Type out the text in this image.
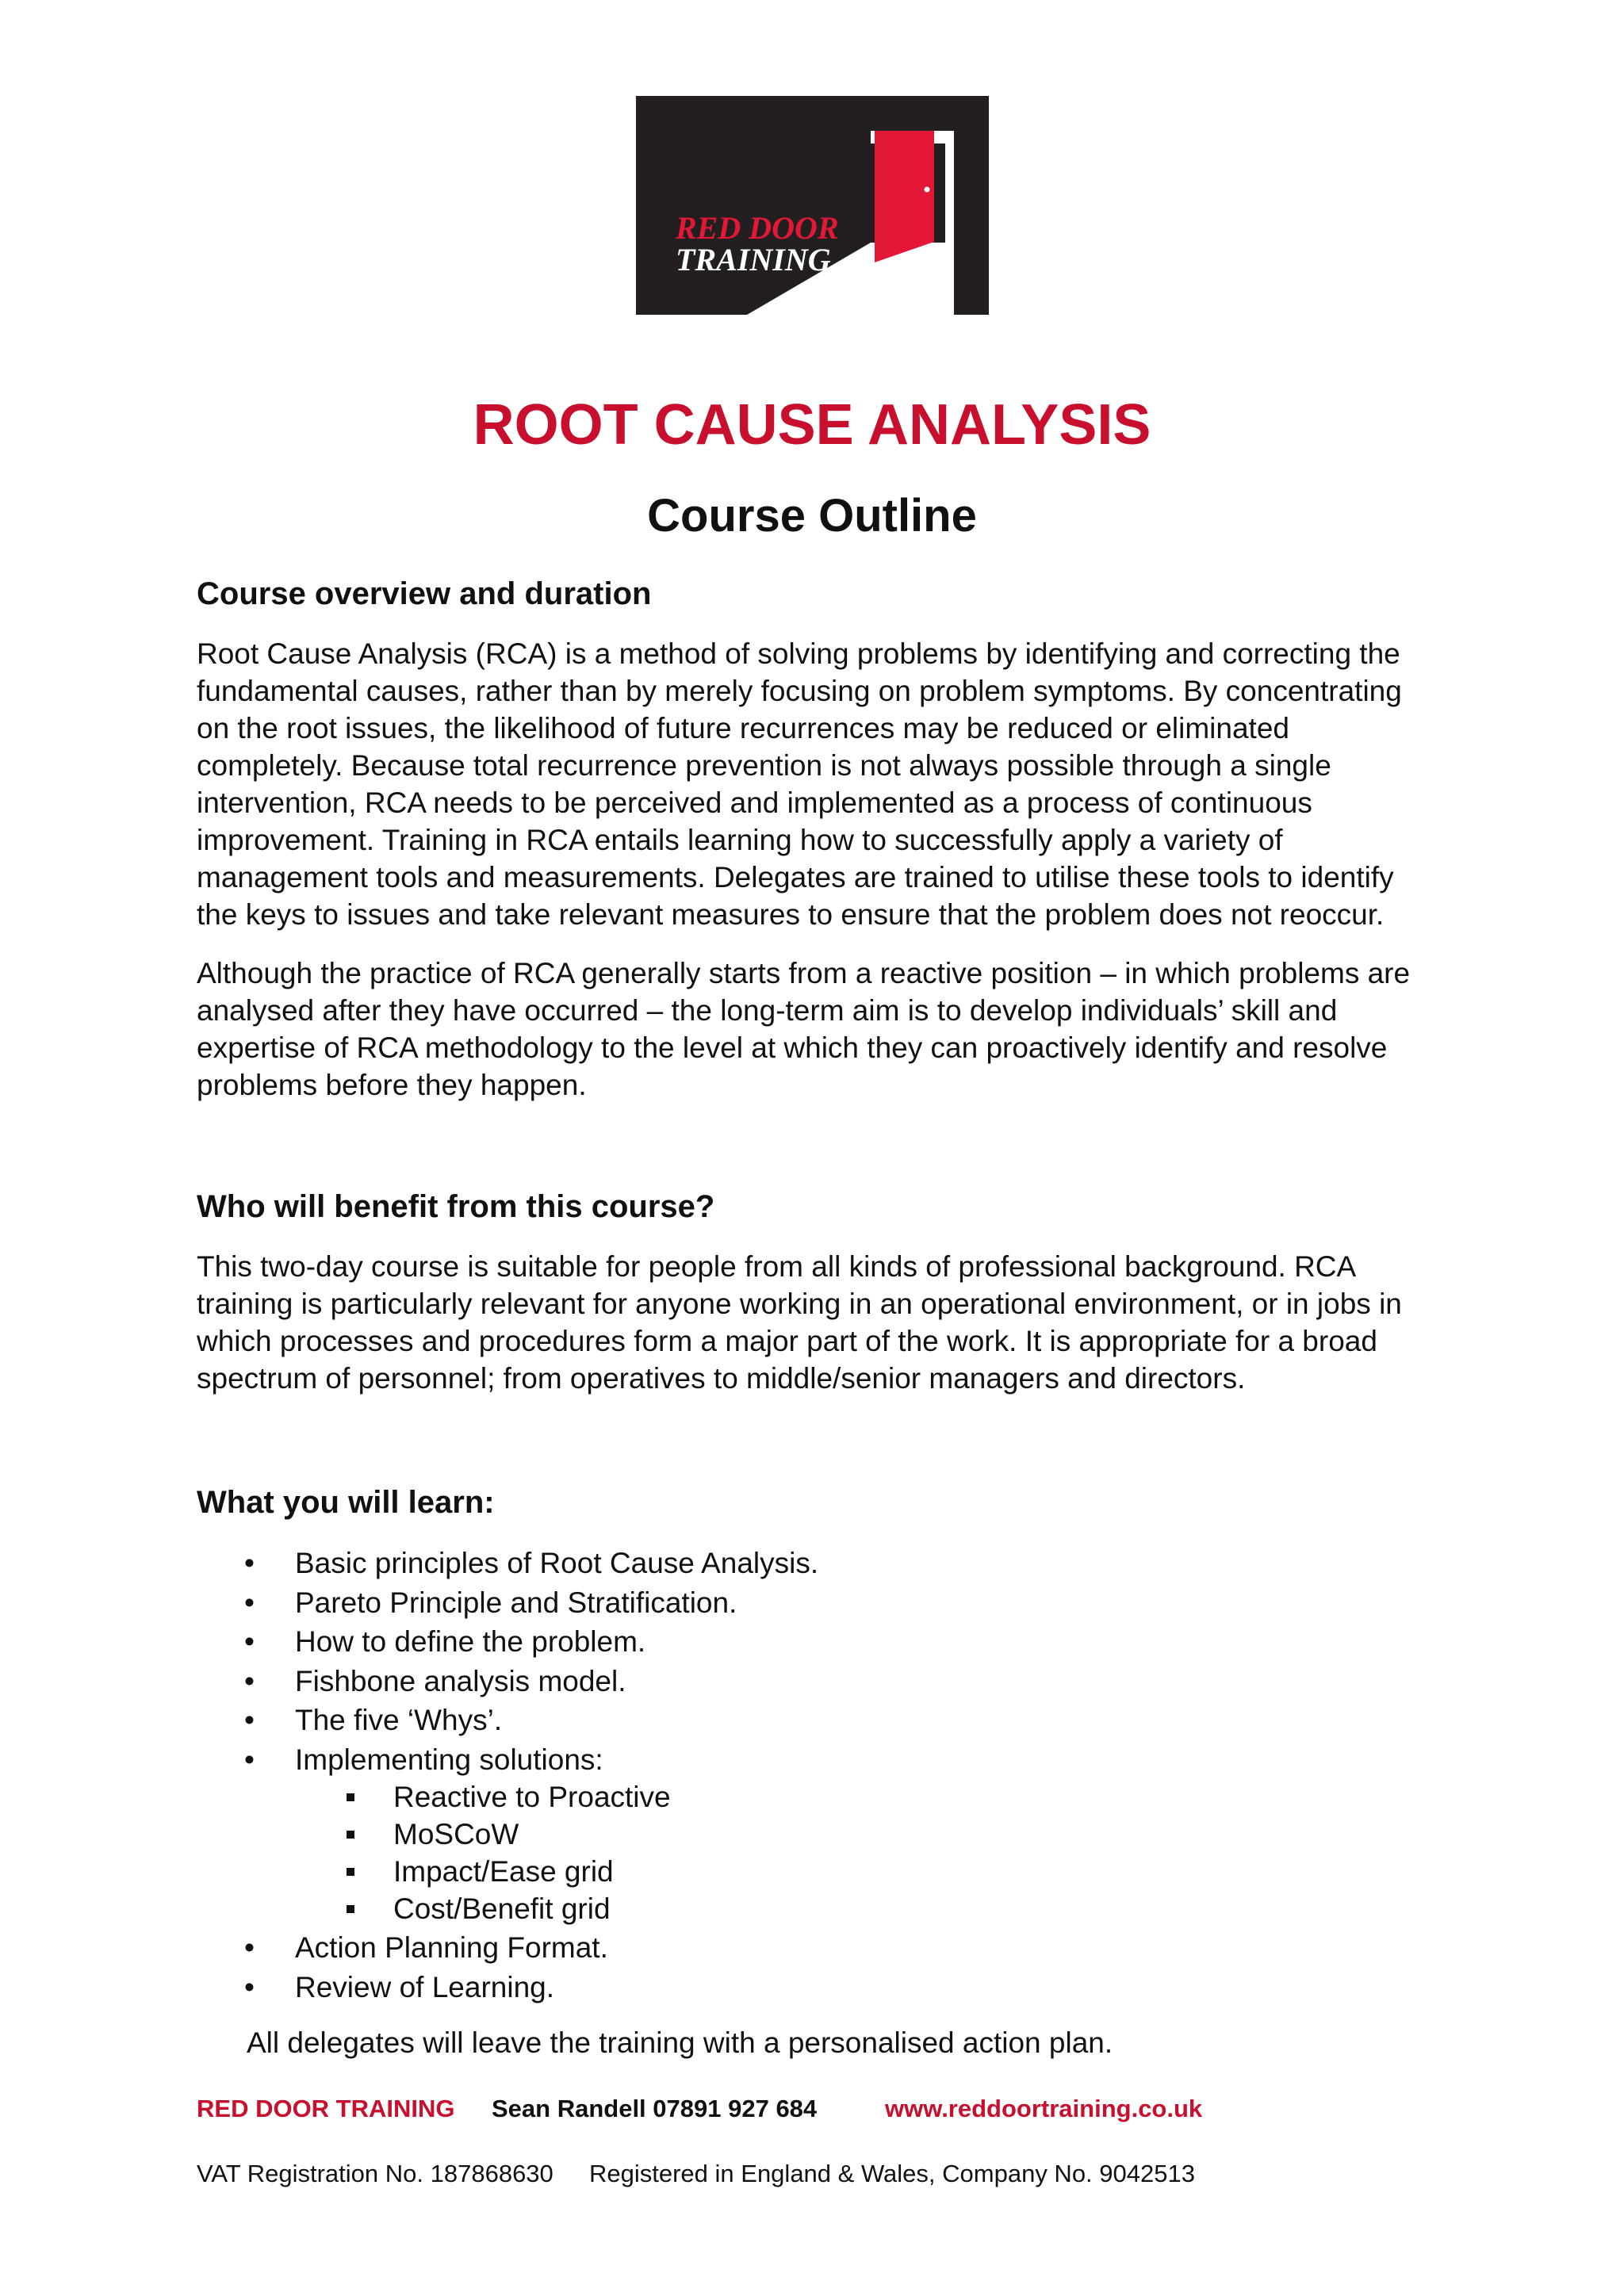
RED DOOR
TRAINING
ROOT CAUSE ANALYSIS
Course Outline
Course overview and duration

Root Cause Analysis (RCA) is a method of solving problems by identifying and correcting the fundamental causes, rather than by merely focusing on problem symptoms. By concentrating on the root issues, the likelihood of future recurrences may be reduced or eliminated completely. Because total recurrence prevention is not always possible through a single intervention, RCA needs to be perceived and implemented as a process of continuous improvement. Training in RCA entails learning how to successfully apply a variety of management tools and measurements. Delegates are trained to utilise these tools to identify the keys to issues and take relevant measures to ensure that the problem does not reoccur.

Although the practice of RCA generally starts from a reactive position – in which problems are analysed after they have occurred – the long-term aim is to develop individuals’ skill and expertise of RCA methodology to the level at which they can proactively identify and resolve problems before they happen.

Who will benefit from this course?

This two-day course is suitable for people from all kinds of professional background. RCA training is particularly relevant for anyone working in an operational environment, or in jobs in which processes and procedures form a major part of the work. It is appropriate for a broad spectrum of personnel; from operatives to middle/senior managers and directors.

What you will learn:
• Basic principles of Root Cause Analysis.
• Pareto Principle and Stratification.
• How to define the problem.
• Fishbone analysis model.
• The five ‘Whys’.
• Implementing solutions:
Reactive to Proactive
MoSCoW
Impact/Ease grid
Cost/Benefit grid
• Action Planning Format.
• Review of Learning.

All delegates will leave the training with a personalised action plan.

RED DOOR TRAINING Sean Randell 07891 927 684	www.reddoortraining.co.uk
VAT Registration No. 187868630 Registered in England & Wales, Company No. 9042513
